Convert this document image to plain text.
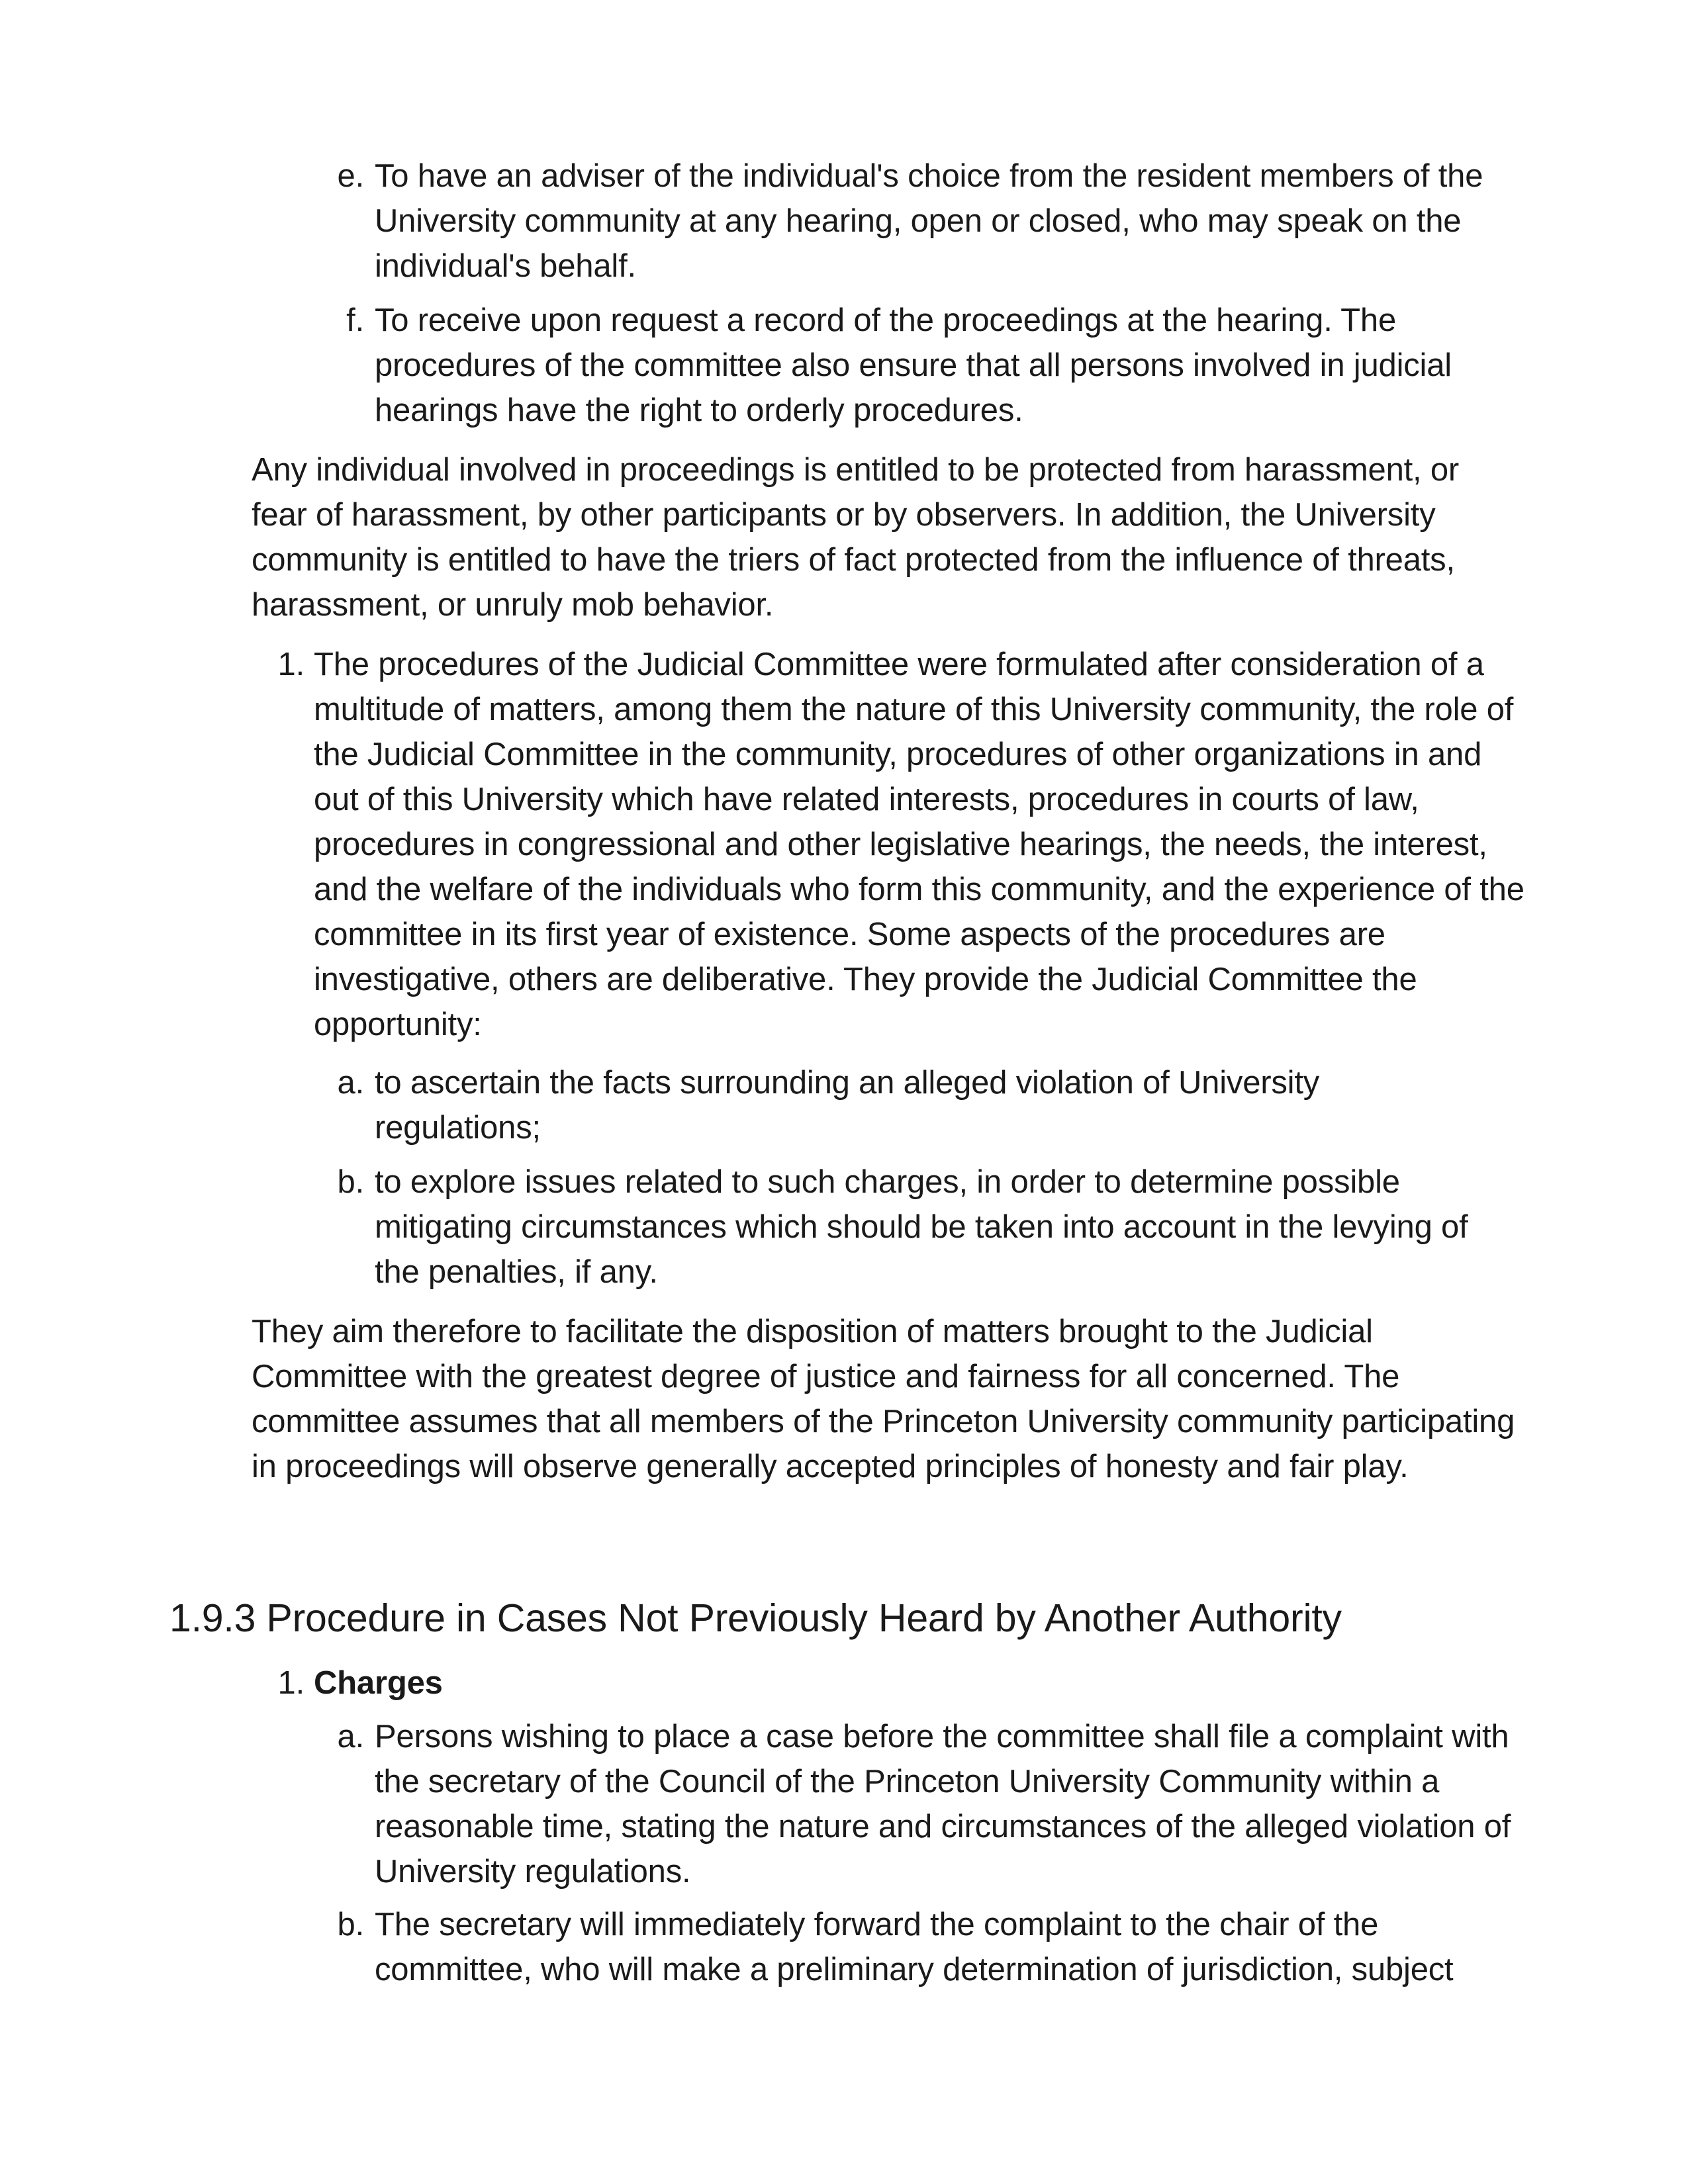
e. To have an adviser of the individual's choice from the resident members of the University community at any hearing, open or closed, who may speak on the individual's behalf.
f. To receive upon request a record of the proceedings at the hearing. The procedures of the committee also ensure that all persons involved in judicial hearings have the right to orderly procedures.

Any individual involved in proceedings is entitled to be protected from harassment, or fear of harassment, by other participants or by observers. In addition, the University community is entitled to have the triers of fact protected from the influence of threats, harassment, or unruly mob behavior.

1. The procedures of the Judicial Committee were formulated after consideration of a multitude of matters, among them the nature of this University community, the role of the Judicial Committee in the community, procedures of other organizations in and out of this University which have related interests, procedures in courts of law, procedures in congressional and other legislative hearings, the needs, the interest, and the welfare of the individuals who form this community, and the experience of the committee in its first year of existence. Some aspects of the procedures are investigative, others are deliberative. They provide the Judicial Committee the opportunity:
a. to ascertain the facts surrounding an alleged violation of University regulations;
b. to explore issues related to such charges, in order to determine possible mitigating circumstances which should be taken into account in the levying of the penalties, if any.

They aim therefore to facilitate the disposition of matters brought to the Judicial Committee with the greatest degree of justice and fairness for all concerned. The committee assumes that all members of the Princeton University community participating in proceedings will observe generally accepted principles of honesty and fair play.

1.9.3 Procedure in Cases Not Previously Heard by Another Authority
1. Charges
a. Persons wishing to place a case before the committee shall file a complaint with the secretary of the Council of the Princeton University Community within a reasonable time, stating the nature and circumstances of the alleged violation of University regulations.
b. The secretary will immediately forward the complaint to the chair of the committee, who will make a preliminary determination of jurisdiction, subject
